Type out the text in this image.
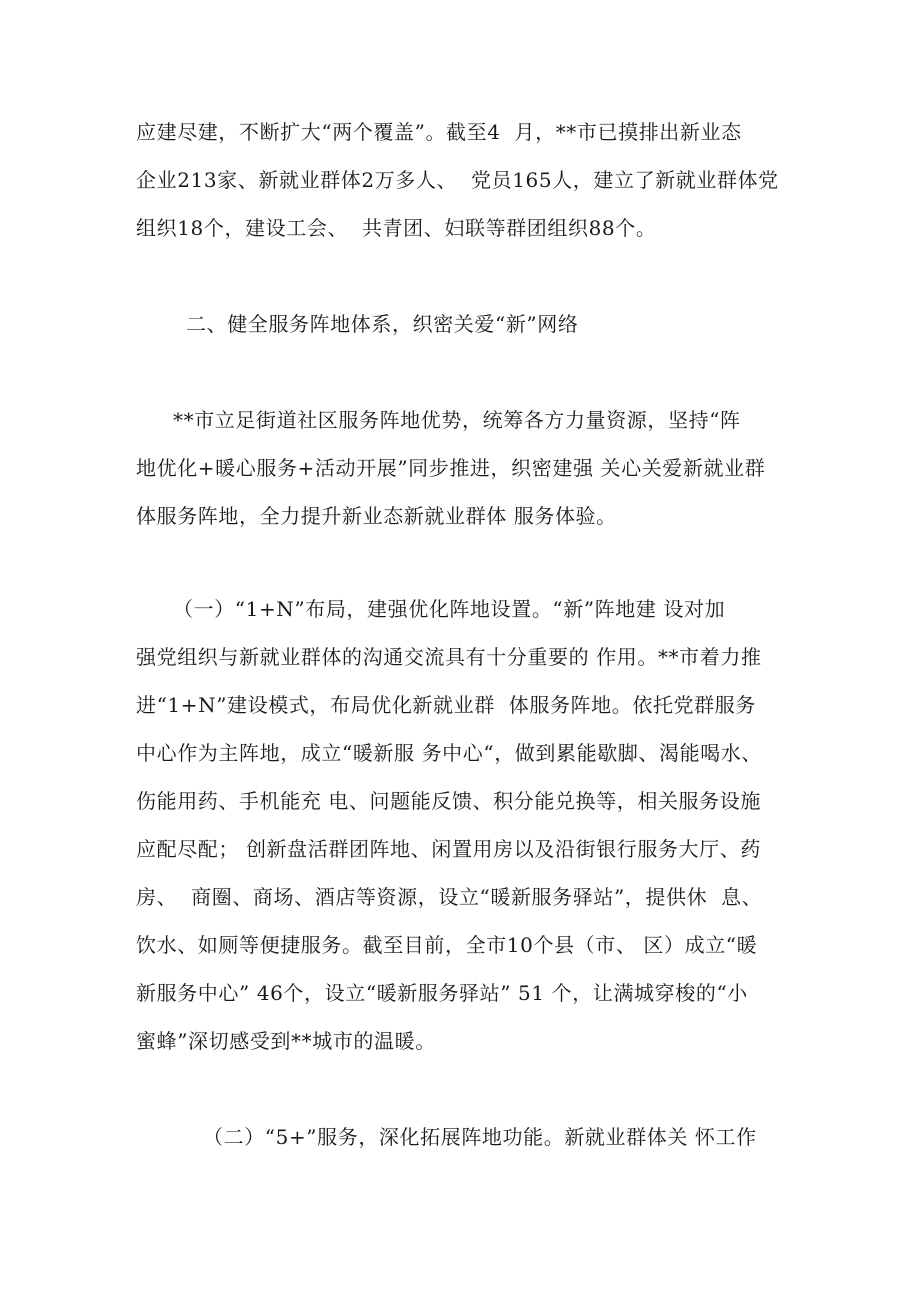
应建尽建，不断扩大“两个覆盖”。截至4  月，**市已摸排出新业态
企业213家、新就业群体2万多人、  党员165人，建立了新就业群体党
组织18个，建设工会、  共青团、妇联等群团组织88个。
二、健全服务阵地体系，织密关爱“新”网络
**市立足街道社区服务阵地优势，统筹各方力量资源，坚持“阵
地优化+暖心服务+活动开展”同步推进，织密建强 关心关爱新就业群
体服务阵地，全力提升新业态新就业群体 服务体验。
（一）“1+N”布局，建强优化阵地设置。“新”阵地建 设对加
强党组织与新就业群体的沟通交流具有十分重要的 作用。**市着力推
进“1+N”建设模式，布局优化新就业群  体服务阵地。依托党群服务
中心作为主阵地，成立“暖新服 务中心“，做到累能歇脚、渴能喝水、
伤能用药、手机能充 电、问题能反馈、积分能兑换等，相关服务设施
应配尽配； 创新盘活群团阵地、闲置用房以及沿街银行服务大厅、药
房、  商圈、商场、酒店等资源，设立“暖新服务驿站”，提供休  息、
饮水、如厕等便捷服务。截至目前，全市10个县（市、 区）成立“暖
新服务中心” 46个，设立“暖新服务驿站” 51 个，让满城穿梭的“小
蜜蜂”深切感受到**城市的温暖。
（二）“5+”服务，深化拓展阵地功能。新就业群体关 怀工作
